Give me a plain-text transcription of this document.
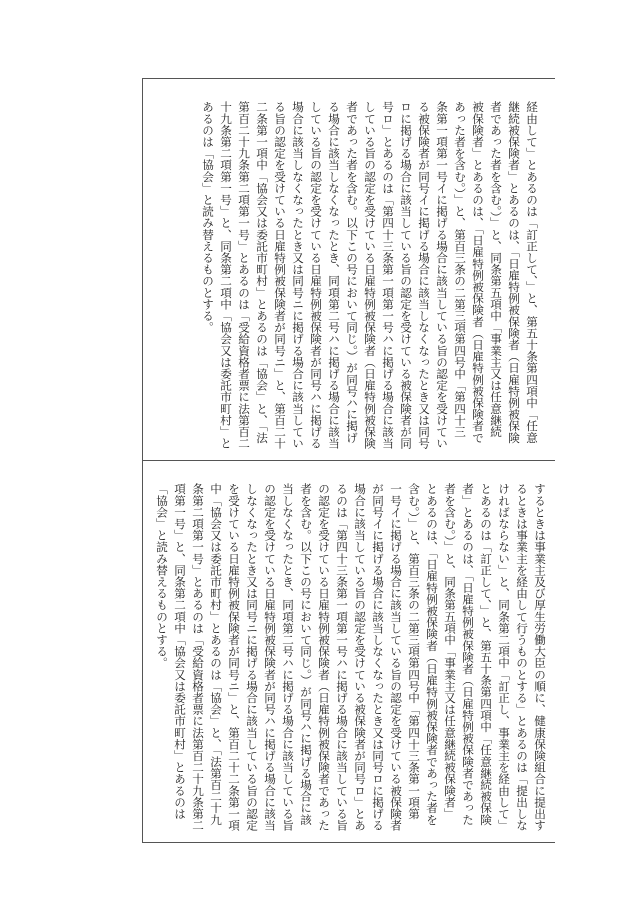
経由して」とあるのは「訂正して、」と、第五十条第四項中「任意
継続被保険者」とあるのは、「日雇特例被保険者（日雇特例被保険
者であった者を含む。）」と、同条第五項中「事業主又は任意継続
被保険者」とあるのは、「日雇特例被保険者（日雇特例被保険者で
あった者を含む。）」と、第百三条の二第三項第四号中「第四十三
条第一項第一号イに掲げる場合に該当している旨の認定を受けてい
る被保険者が同号イに掲げる場合に該当しなくなったとき又は同号
ロに掲げる場合に該当している旨の認定を受けている被保険者が同
号ロ」とあるのは「第四十三条第一項第一号ハに掲げる場合に該当
している旨の認定を受けている日雇特例被保険者（日雇特例被保険
者であった者を含む。以下この号において同じ。）が同号ハに掲げ
る場合に該当しなくなったとき、同項第二号ハに掲げる場合に該当
している旨の認定を受けている日雇特例被保険者が同号ハに掲げる
場合に該当しなくなったとき又は同号ニに掲げる場合に該当してい
る旨の認定を受けている日雇特例被保険者が同号ニ」と、第百二十
二条第一項中「協会又は委託市町村」とあるのは「協会」と、「法
第百二十九条第二項第一号」とあるのは「受給資格者票に法第百二
十九条第二項第一号」と、同条第二項中「協会又は委託市町村」と
あるのは「協会」と読み替えるものとする。
するときは事業主及び厚生労働大臣の順に、健康保険組合に提出す
るときは事業主を経由して行うものとする」とあるのは「提出しな
ければならない」と、同条第二項中「訂正し、事業主を経由して」
とあるのは「訂正して、」と、第五十条第四項中「任意継続被保険
者」とあるのは、「日雇特例被保険者（日雇特例被保険者であった
者を含む。）」と、同条第五項中「事業主又は任意継続被保険者」
とあるのは、「日雇特例被保険者（日雇特例被保険者であった者を
含む。）」と、第百三条の二第三項第四号中「第四十三条第一項第
一号イに掲げる場合に該当している旨の認定を受けている被保険者
が同号イに掲げる場合に該当しなくなったとき又は同号ロに掲げる
場合に該当している旨の認定を受けている被保険者が同号ロ」とあ
るのは「第四十三条第一項第一号ハに掲げる場合に該当している旨
の認定を受けている日雇特例被保険者（日雇特例被保険者であった
者を含む。以下この号において同じ。）が同号ハに掲げる場合に該
当しなくなったとき、同項第二号ハに掲げる場合に該当している旨
の認定を受けている日雇特例被保険者が同号ハに掲げる場合に該当
しなくなったとき又は同号ニに掲げる場合に該当している旨の認定
を受けている日雇特例被保険者が同号ニ」と、第百二十二条第一項
中「協会又は委託市町村」とあるのは「協会」と、「法第百二十九
条第二項第一号」とあるのは「受給資格者票に法第百二十九条第二
項第一号」と、同条第二項中「協会又は委託市町村」とあるのは
「協会」と読み替えるものとする。
